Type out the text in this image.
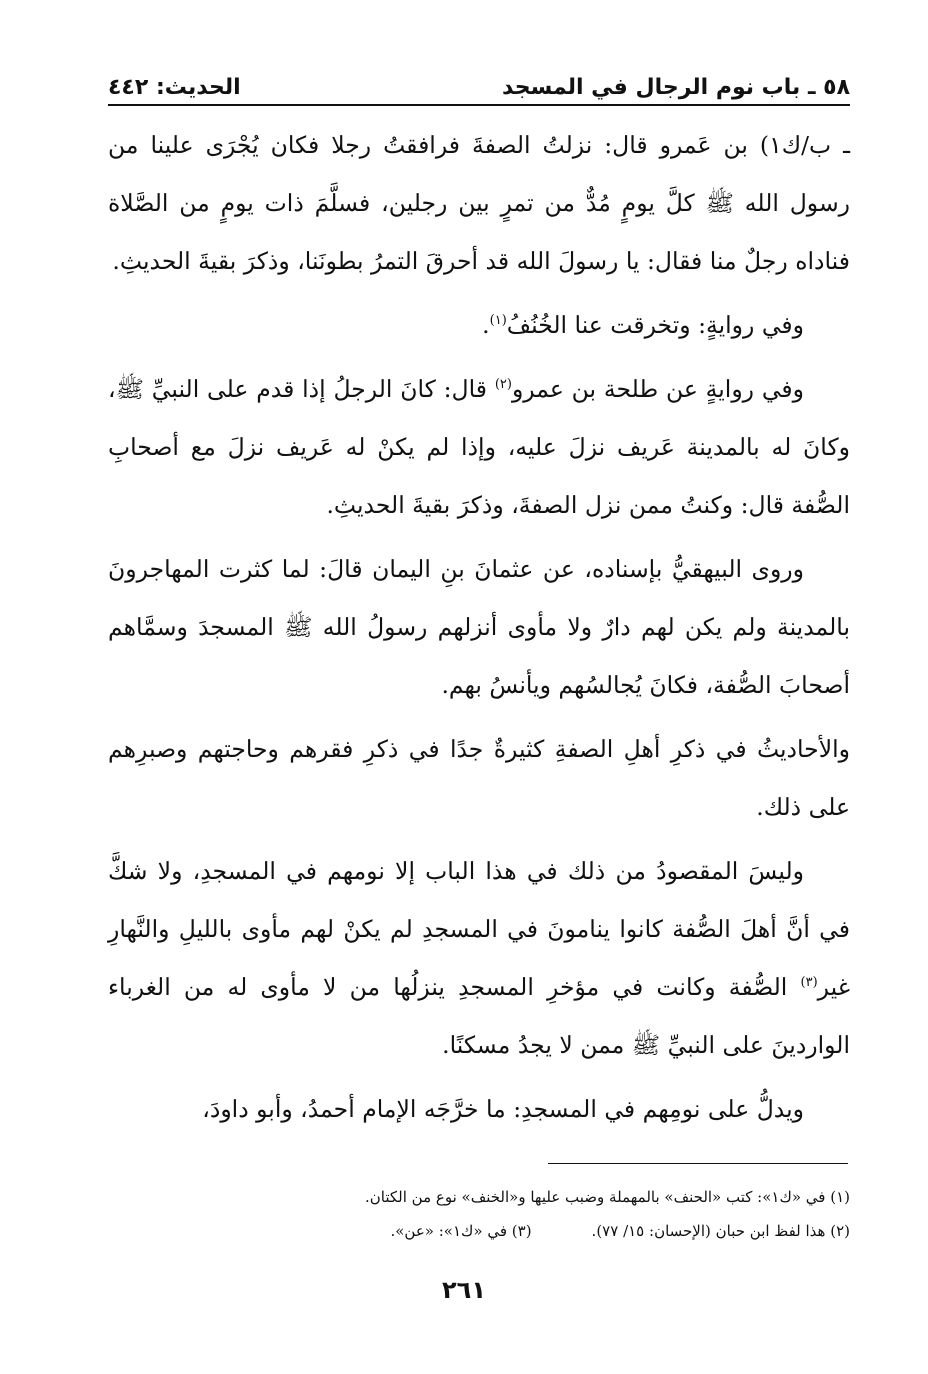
٥٨ ـ باب نوم الرجال في المسجد
الحديث: ٤٤٢

ـ ب/ك١) بن عَمرو قال: نزلتُ الصفةَ فرافقتُ رجلا فكان يُجْرَى علينا من رسول الله ﷺ كلَّ يومٍ مُدٌّ من تمرٍ بين رجلين، فسلَّمَ ذات يومٍ من الصَّلاة فناداه رجلٌ منا فقال: يا رسولَ الله قد أحرقَ التمرُ بطونَنا، وذكرَ بقيةَ الحديثِ.

وفي روايةٍ: وتخرقت عنا الخُنُفُ$^{(١)}$.

وفي روايةٍ عن طلحة بن عمرو$^{(٢)}$ قال: كانَ الرجلُ إذا قدم على النبيِّ ﷺ، وكانَ له بالمدينة عَريف نزلَ عليه، وإذا لم يكنْ له عَريف نزلَ مع أصحابِ الصُّفة قال: وكنتُ ممن نزل الصفةَ، وذكرَ بقيةَ الحديثِ.

وروى البيهقيُّ بإسناده، عن عثمانَ بنِ اليمان قالَ: لما كثرت المهاجرونَ بالمدينة ولم يكن لهم دارٌ ولا مأوى أنزلهم رسولُ الله ﷺ المسجدَ وسمَّاهم أصحابَ الصُّفة، فكانَ يُجالسُهم ويأنسُ بهم.

والأحاديثُ في ذكرِ أهلِ الصفةِ كثيرةٌ جدًا في ذكرِ فقرهم وحاجتهم وصبرِهم على ذلك.

وليسَ المقصودُ من ذلك في هذا الباب إلا نومهم في المسجدِ، ولا شكَّ في أنَّ أهلَ الصُّفة كانوا ينامونَ في المسجدِ لم يكنْ لهم مأوى بالليلِ والنَّهارِ غير$^{(٣)}$ الصُّفة وكانت في مؤخرِ المسجدِ ينزلُها من لا مأوى له من الغرباء الواردينَ على النبيِّ ﷺ ممن لا يجدُ مسكنًا.

ويدلُّ على نومِهم في المسجدِ: ما خرَّجَه الإمام أحمدُ، وأبو داودَ،

(١) في «ك١»: كتب «الحنف» بالمهملة وضبب عليها و«الخنف» نوع من الكتان.
(٢) هذا لفظ ابن حبان (الإحسان: ١٥/ ٧٧).
(٣) في «ك١»: «عن».
٢٦١
